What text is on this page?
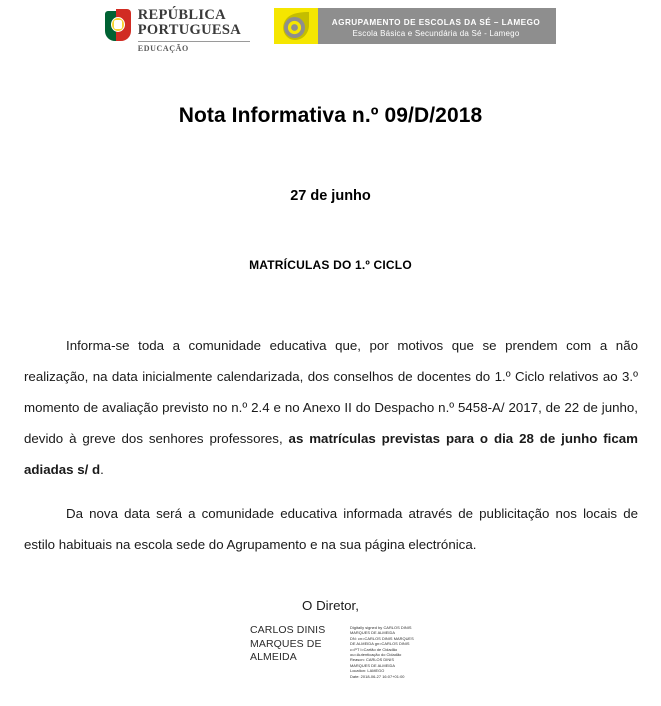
REPÚBLICA
PORTUGUESA
EDUCAÇÃO
AGRUPAMENTO DE ESCOLAS DA SÉ – LAMEGO
Escola Básica e Secundária da Sé - Lamego
Nota Informativa n.º 09/D/2018
27 de junho
MATRÍCULAS DO 1.º CICLO

Informa-se toda a comunidade educativa que, por motivos que se prendem com a não realização, na data inicialmente calendarizada, dos conselhos de docentes do 1.º Ciclo relativos ao 3.º momento de avaliação previsto no n.º 2.4 e no Anexo II do Despacho n.º 5458-A/ 2017, de 22 de junho, devido à greve dos senhores professores, as matrículas previstas para o dia 28 de junho ficam adiadas s/ d.

Da nova data será a comunidade educativa informada através de publicitação nos locais de estilo habituais na escola sede do Agrupamento e na sua página electrónica.

O Diretor,
CARLOS DINIS MARQUES DE ALMEIDA
Digitally signed by CARLOS DINIS
MARQUES DE ALMEIDA
DN: cn=CARLOS DINIS MARQUES
DE ALMEIDA gn=CARLOS DINIS
c=PT l=Cartão de Cidadão
ou=Autenticação do Cidadão
Reason: CARLOS DINIS
MARQUES DE ALMEIDA
Location: LAMEGO
Date: 2018-06-27 16:07+01:00
